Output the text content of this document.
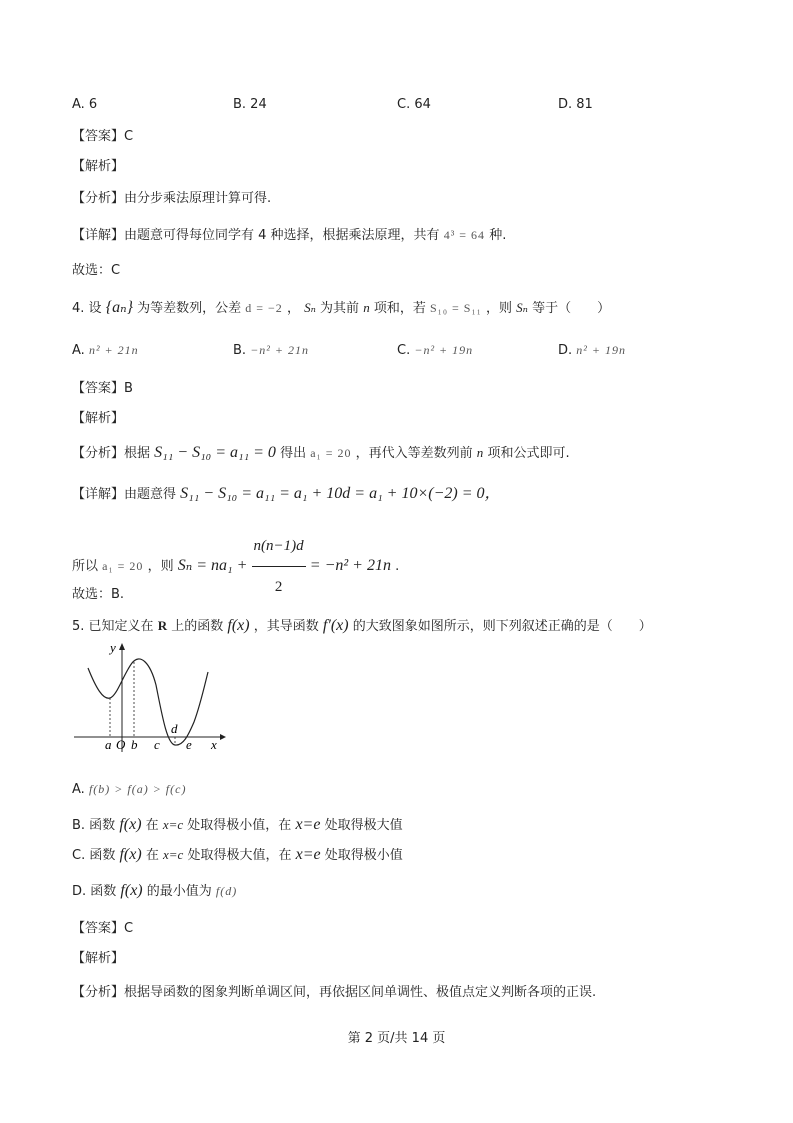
A. 6	B. 24	C. 64	D. 81
【答案】C
【解析】
【分析】由分步乘法原理计算可得.
【详解】由题意可得每位同学有 4 种选择，根据乘法原理，共有 4³ = 64 种.
故选：C
4. 设 {aₙ} 为等差数列，公差 d = −2 ， Sₙ 为其前 n 项和，若 S₁₀ = S₁₁ ，则 Sₙ 等于（　　）
A. n² + 21n	B. −n² + 21n	C. −n² + 19n	D. n² + 19n
【答案】B
【解析】
【分析】根据 S₁₁ − S₁₀ = a₁₁ = 0 得出 a₁ = 20 ，再代入等差数列前 n 项和公式即可.
【详解】由题意得 S₁₁ − S₁₀ = a₁₁ = a₁ + 10d = a₁ + 10×(−2) = 0，
所以 a₁ = 20 ，则 $S_n = na_1 + \frac{n(n-1)d}{2} = -n^2 + 21n$ .
故选：B.
5. 已知定义在 R 上的函数 f(x) ，其导函数 f′(x) 的大致图象如图所示，则下列叙述正确的是（　　）
y
x
a O b c
d
e
A. f(b) > f(a) > f(c)
B. 函数 f(x) 在 x=c 处取得极小值，在 x=e 处取得极大值
C. 函数 f(x) 在 x=c 处取得极大值，在 x=e 处取得极小值
D. 函数 f(x) 的最小值为 f(d)
【答案】C
【解析】
【分析】根据导函数的图象判断单调区间，再依据区间单调性、极值点定义判断各项的正误.
第 2 页/共 14 页
